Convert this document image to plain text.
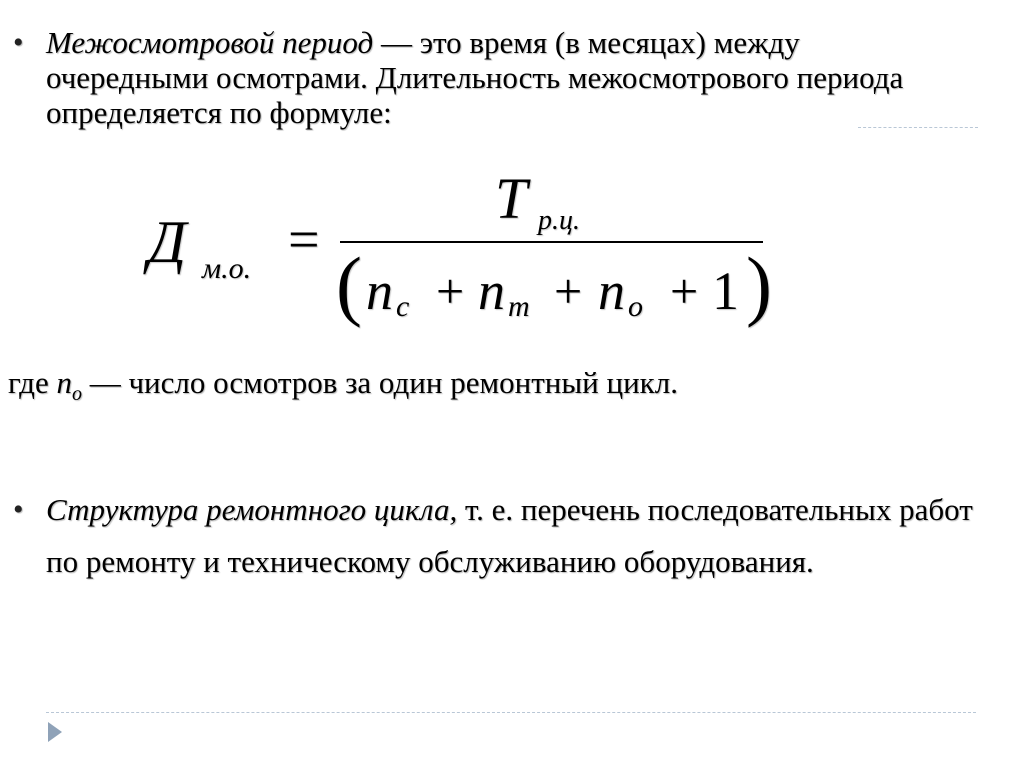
• Межосмотровой период — это время (в месяцах) между очередными осмотрами. Длительность межосмотрового периода определяется по формуле:
Д м.о. =
T р.ц.
( n с + n т + n о + 1 )
где $n_о$ — число осмотров за один ремонтный цикл.
• Структура ремонтного цикла, т. е. перечень последовательных работ по ремонту и техническому обслуживанию оборудования.
